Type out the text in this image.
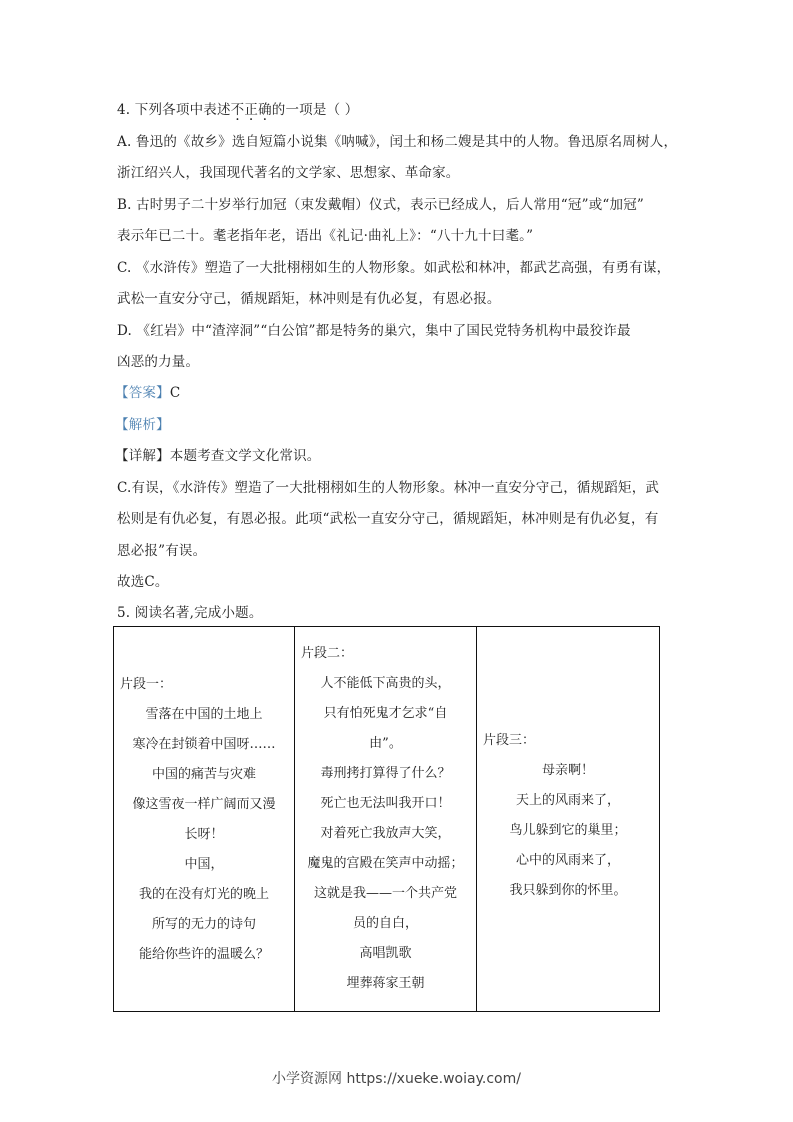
4. 下列各项中表述不正确的一项是（ ）
A. 鲁迅的《故乡》选自短篇小说集《呐喊》，闰土和杨二嫂是其中的人物。鲁迅原名周树人，
浙江绍兴人，我国现代著名的文学家、思想家、革命家。
B. 古时男子二十岁举行加冠（束发戴帽）仪式，表示已经成人，后人常用“冠”或“加冠”
表示年已二十。耄老指年老，语出《礼记·曲礼上》：“八十九十曰耄。”
C. 《水浒传》塑造了一大批栩栩如生的人物形象。如武松和林冲，都武艺高强，有勇有谋，
武松一直安分守己，循规蹈矩，林冲则是有仇必复，有恩必报。
D. 《红岩》中“渣滓洞”“白公馆”都是特务的巢穴，集中了国民党特务机构中最狡诈最
凶恶的力量。
【答案】C
【解析】
【详解】本题考查文学文化常识。
C.有误，《水浒传》塑造了一大批栩栩如生的人物形象。林冲一直安分守己，循规蹈矩，武
松则是有仇必复，有恩必报。此项“武松一直安分守己，循规蹈矩，林冲则是有仇必复，有
恩必报”有误。
故选C。
5. 阅读名著,完成小题。
片段一：
雪落在中国的土地上
寒冷在封锁着中国呀……
中国的痛苦与灾难
像这雪夜一样广阔而又漫
长呀！
中国，
我的在没有灯光的晚上
所写的无力的诗句
能给你些许的温暖么？

片段二：
人不能低下高贵的头，
只有怕死鬼才乞求“自
由”。
毒刑拷打算得了什么？
死亡也无法叫我开口！
对着死亡我放声大笑，
魔鬼的宫殿在笑声中动摇；
这就是我——一个共产党
员的自白，
高唱凯歌
埋葬蒋家王朝

片段三：
母亲啊！
天上的风雨来了，
鸟儿躲到它的巢里；
心中的风雨来了，
我只躲到你的怀里。
小学资源网 https://xueke.woiay.com/
